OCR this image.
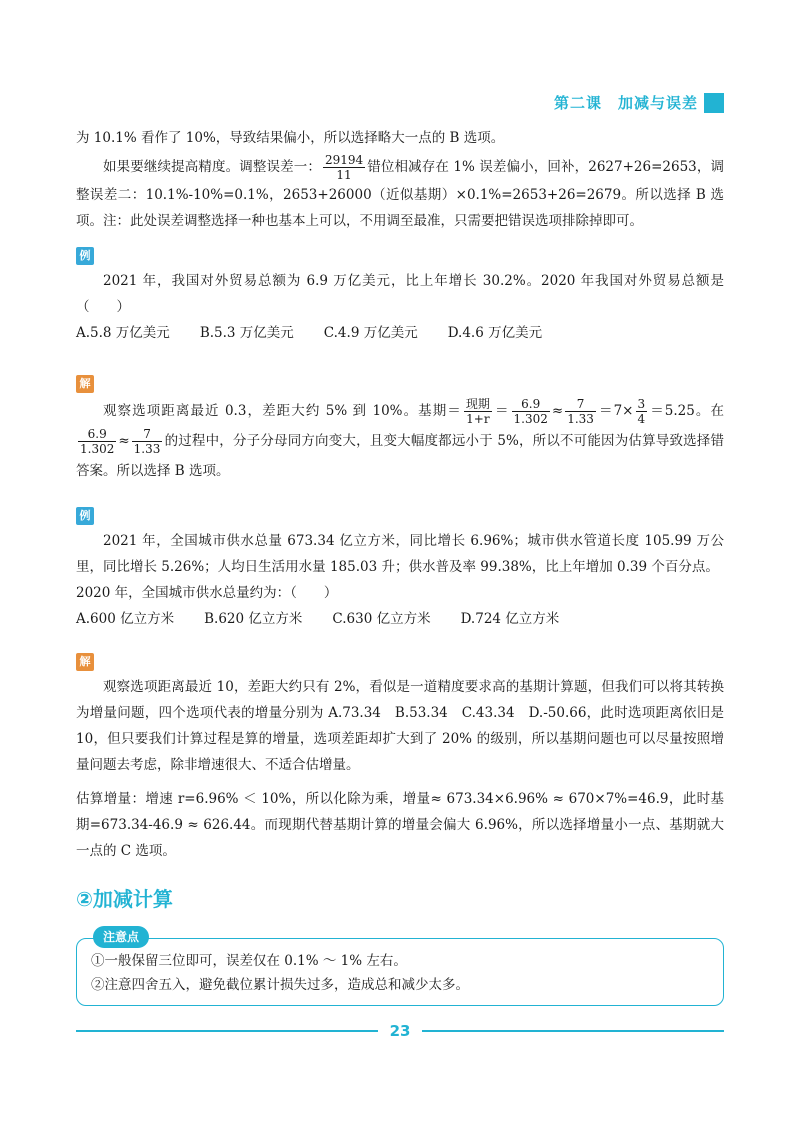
第二课　加减与误差

为 10.1% 看作了 10%，导致结果偏小，所以选择略大一点的 B 选项。

如果要继续提高精度。调整误差一： $\frac{29194}{11}$ 错位相减存在 1% 误差偏小，回补，2627+26=2653，调整误差二：10.1%-10%=0.1%，2653+26000（近似基期）×0.1%=2653+26=2679。所以选择 B 选项。注：此处误差调整选择一种也基本上可以，不用调至最准，只需要把错误选项排除掉即可。

例

2021 年，我国对外贸易总额为 6.9 万亿美元，比上年增长 30.2%。2020 年我国对外贸易总额是（　　）

A.5.8 万亿美元 B.5.3 万亿美元 C.4.9 万亿美元 D.4.6 万亿美元
解

观察选项距离最近 0.3，差距大约 5% 到 10%。基期＝ $\frac{\text{现期}}{1+r} = \frac{6.9}{1.302} \approx \frac{7}{1.33} =7\times \frac{3}{4} =5.25$。在
$\frac{6.9}{1.302} \approx \frac{7}{1.33}$ 的过程中，分子分母同方向变大，且变大幅度都远小于 5%，所以不可能因为估算导致选择错答案。所以选择 B 选项。

例

2021 年，全国城市供水总量 673.34 亿立方米，同比增长 6.96%；城市供水管道长度 105.99 万公里，同比增长 5.26%；人均日生活用水量 185.03 升；供水普及率 99.38%，比上年增加 0.39 个百分点。

2020 年，全国城市供水总量约为：（　　）

A.600 亿立方米 B.620 亿立方米 C.630 亿立方米 D.724 亿立方米
解

观察选项距离最近 10，差距大约只有 2%，看似是一道精度要求高的基期计算题，但我们可以将其转换为增量问题，四个选项代表的增量分别为 A.73.34　B.53.34　C.43.34　D.-50.66，此时选项距离依旧是 10，但只要我们计算过程是算的增量，选项差距却扩大到了 20% 的级别，所以基期问题也可以尽量按照增量问题去考虑，除非增速很大、不适合估增量。

估算增量：增速 r=6.96% ＜ 10%，所以化除为乘，增量≈ 673.34×6.96% ≈ 670×7%=46.9，此时基期=673.34-46.9 ≈ 626.44。而现期代替基期计算的增量会偏大 6.96%，所以选择增量小一点、基期就大一点的 C 选项。

②加减计算
注意点

①一般保留三位即可，误差仅在 0.1% ～ 1% 左右。

②注意四舍五入，避免截位累计损失过多，造成总和减少太多。

23
